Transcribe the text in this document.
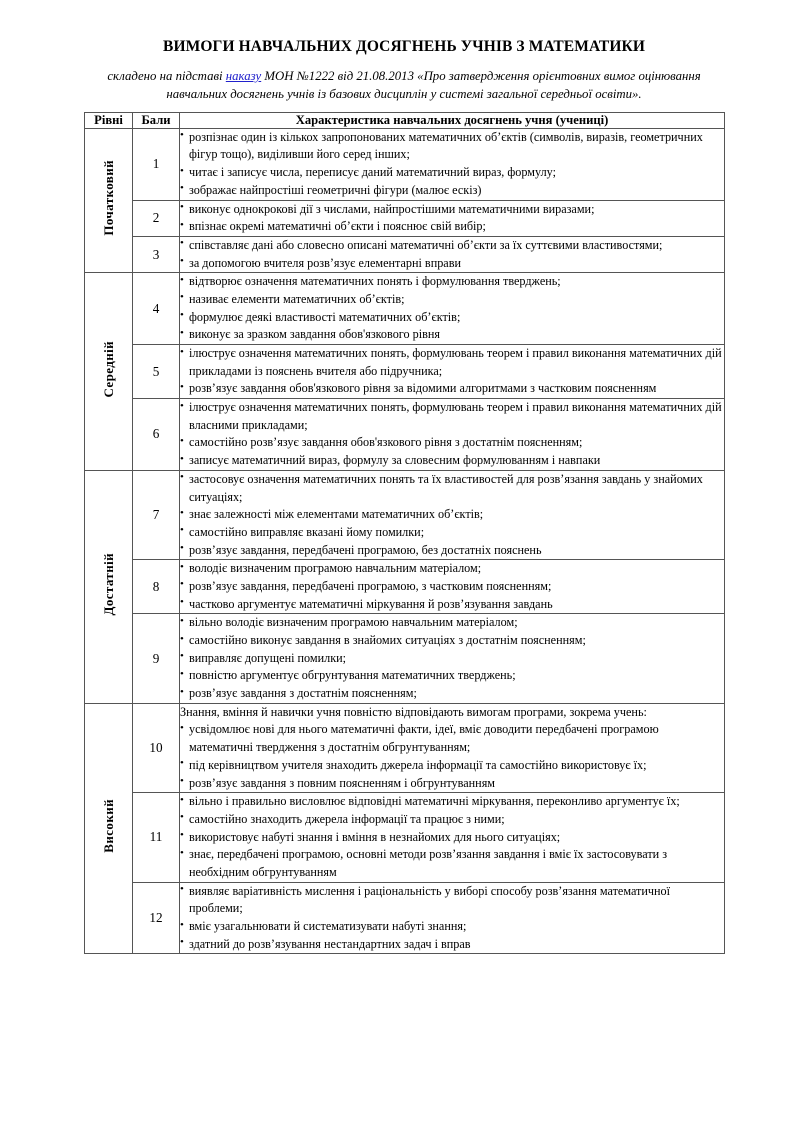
ВИМОГИ НАВЧАЛЬНИХ ДОСЯГНЕНЬ УЧНІВ З МАТЕМАТИКИ

складено на підставі наказу МОН №1222 від 21.08.2013 «Про затвердження орієнтовних вимог оцінювання навчальних досягнень учнів із базових дисциплін у системі загальної середньої освіти».

Рівні	Бали	Характеристика навчальних досягнень учня (учениці)
Початковий	1	
• розпізнає один із кількох запропонованих математичних обʼєктів (символів, виразів, геометричних фігур тощо), виділивши його серед інших;
• читає і записує числа, переписує даний математичний вираз, формулу;
• зображає найпростіші геометричні фігури (малює ескіз)

2	
• виконує однокрокові дії з числами, найпростішими математичними виразами;
• впізнає окремі математичні обʼєкти і пояснює свій вибір;

3	
• співставляє дані або словесно описані математичні обʼєкти за їх суттєвими властивостями;
• за допомогою вчителя розвʼязує елементарні вправи

Середній	4	
• відтворює означення математичних понять і формулювання тверджень;
• називає елементи математичних обʼєктів;
• формулює деякі властивості математичних обʼєктів;
• виконує за зразком завдання обов'язкового рівня

5	
• ілюструє означення математичних понять, формулювань теорем і правил виконання математичних дій прикладами із пояснень вчителя або підручника;
• розвʼязує завдання обов'язкового рівня за відомими алгоритмами з частковим поясненням

6	
• ілюструє означення математичних понять, формулювань теорем і правил виконання математичних дій власними прикладами;
• самостійно розвʼязує завдання обов'язкового рівня з достатнім поясненням;
• записує математичний вираз, формулу за словесним формулюванням і навпаки

Достатній	7	
• застосовує означення математичних понять та їх властивостей для розвʼязання завдань у знайомих ситуаціях;
• знає залежності між елементами математичних обʼєктів;
• самостійно виправляє вказані йому помилки;
• розвʼязує завдання, передбачені програмою, без достатніх пояснень

8	
• володіє визначеним програмою навчальним матеріалом;
• розвʼязує завдання, передбачені програмою, з частковим поясненням;
• частково аргументує математичні міркування й розвʼязування завдань

9	
• вільно володіє визначеним програмою навчальним матеріалом;
• самостійно виконує завдання в знайомих ситуаціях з достатнім поясненням;
• виправляє допущені помилки;
• повністю аргументує обгрунтування математичних тверджень;
• розвʼязує завдання з достатнім поясненням;

Високий	10	
Знання, вміння й навички учня повністю відповідають вимогам програми, зокрема учень:
• усвідомлює нові для нього математичні факти, ідеї, вміє доводити передбачені програмою математичні твердження з достатнім обгрунтуванням;
• під керівництвом учителя знаходить джерела інформації та самостійно використовує їх;
• розвʼязує завдання з повним поясненням і обгрунтуванням

11	
• вільно і правильно висловлює відповідні математичні міркування, переконливо аргументує їх;
• самостійно знаходить джерела інформації та працює з ними;
• використовує набуті знання і вміння в незнайомих для нього ситуаціях;
• знає, передбачені програмою, основні методи розвʼязання завдання і вміє їх застосовувати з необхідним обгрунтуванням

12	
• виявляє варіативність мислення і раціональність у виборі способу розвʼязання математичної проблеми;
• вміє узагальнювати й систематизувати набуті знання;
• здатний до розвʼязування нестандартних задач і вправ
